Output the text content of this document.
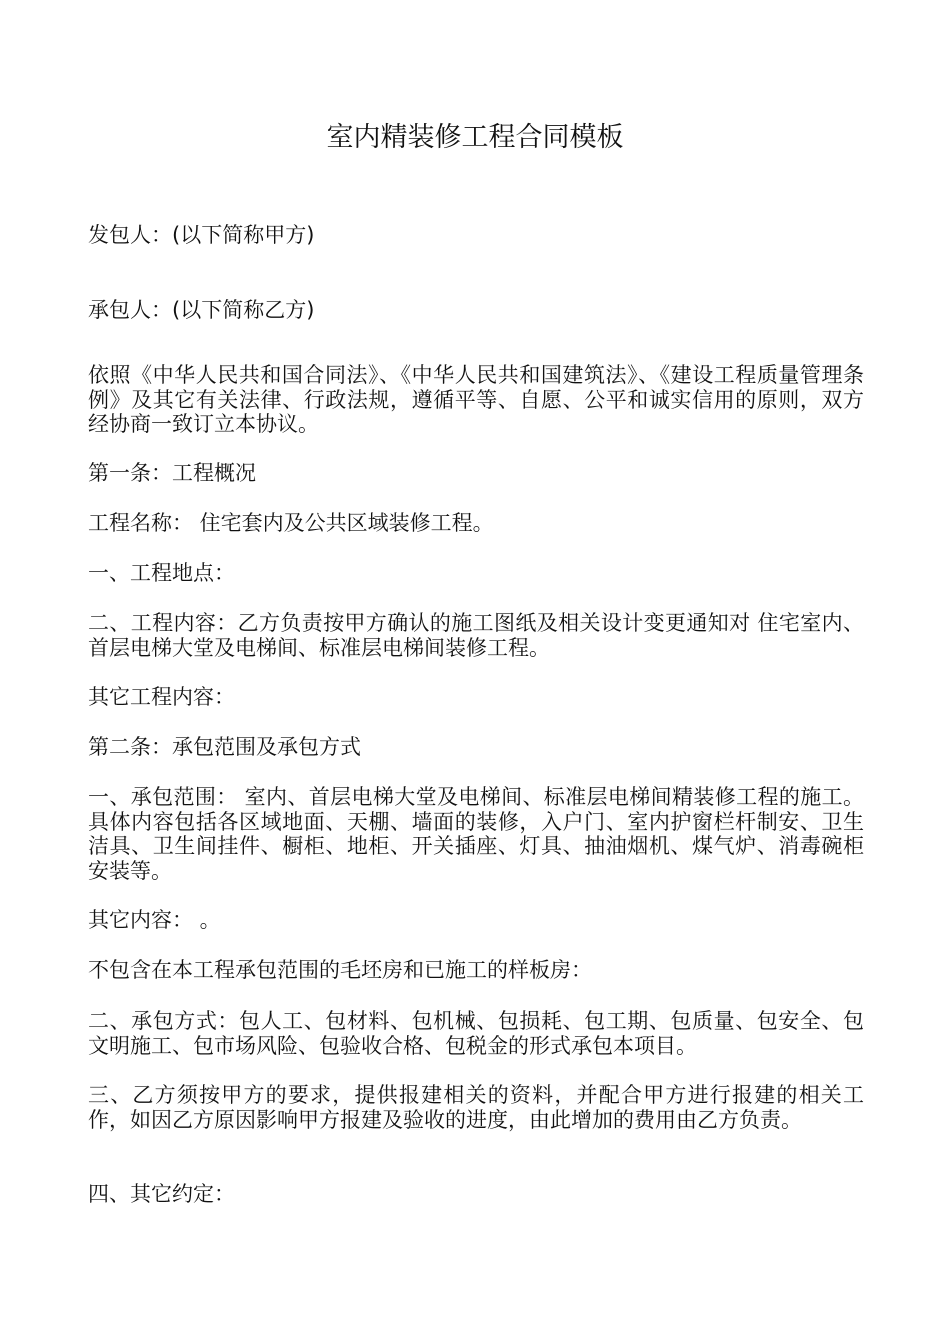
室内精装修工程合同模板

发包人：(以下简称甲方)

承包人：(以下简称乙方)

依照《中华人民共和国合同法》、《中华人民共和国建筑法》、《建设工程质量管理条例》及其它有关法律、行政法规，遵循平等、自愿、公平和诚实信用的原则，双方经协商一致订立本协议。

第一条：工程概况

工程名称： 住宅套内及公共区域装修工程。

一、工程地点：

二、工程内容：乙方负责按甲方确认的施工图纸及相关设计变更通知对 住宅室内、首层电梯大堂及电梯间、标准层电梯间装修工程。

其它工程内容：

第二条：承包范围及承包方式

一、承包范围： 室内、首层电梯大堂及电梯间、标准层电梯间精装修工程的施工。具体内容包括各区域地面、天棚、墙面的装修，入户门、室内护窗栏杆制安、卫生洁具、卫生间挂件、橱柜、地柜、开关插座、灯具、抽油烟机、煤气炉、消毒碗柜安装等。

其它内容： 。

不包含在本工程承包范围的毛坯房和已施工的样板房：

二、承包方式：包人工、包材料、包机械、包损耗、包工期、包质量、包安全、包文明施工、包市场风险、包验收合格、包税金的形式承包本项目。

三、乙方须按甲方的要求，提供报建相关的资料，并配合甲方进行报建的相关工作，如因乙方原因影响甲方报建及验收的进度，由此增加的费用由乙方负责。

四、其它约定：
